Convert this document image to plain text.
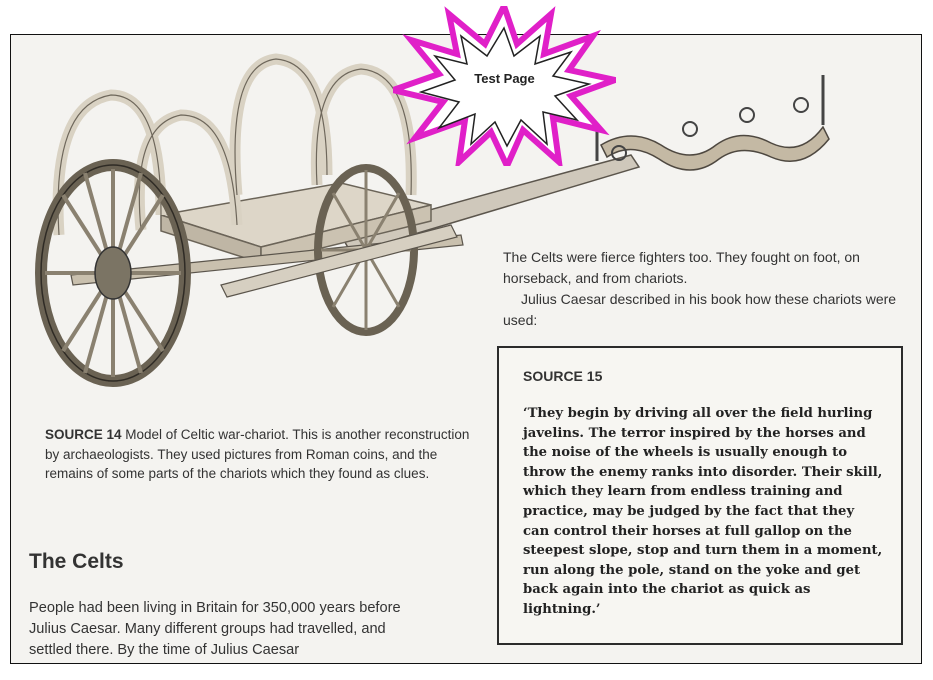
SOURCE 14 Model of Celtic war-chariot. This is another reconstruction by archaeologists. They used pictures from Roman coins, and the remains of some parts of the chariots which they found as clues.

The Celts were fierce fighters too. They fought on foot, on horseback, and from chariots.

Julius Caesar described in his book how these chariots were used:

SOURCE 15
‘They begin by driving all over the field hurling javelins. The terror inspired by the horses and the noise of the wheels is usually enough to throw the enemy ranks into disorder. Their skill, which they learn from endless training and practice, may be judged by the fact that they can control their horses at full gallop on the steepest slope, stop and turn them in a moment, run along the pole, stand on the yoke and get back again into the chariot as quick as lightning.’
The Celts
People had been living in Britain for 350,000 years before Julius Caesar. Many different groups had travelled, and settled there. By the time of Julius Caesar
Test Page
